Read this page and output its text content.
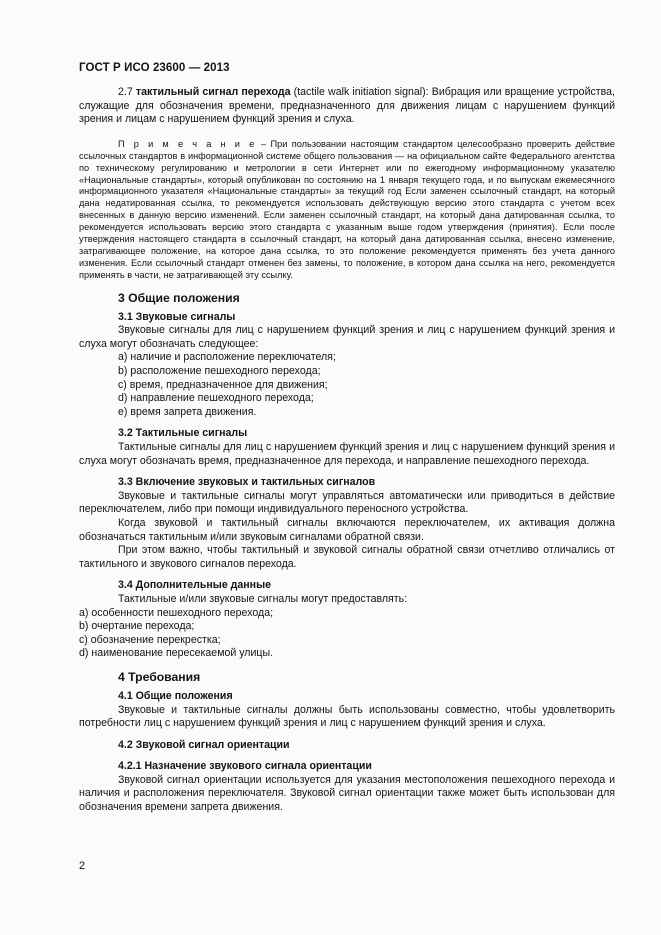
ГОСТ Р ИСО 23600 — 2013

2.7 тактильный сигнал перехода (tactile walk initiation signal): Вибрация или вращение устройства, служащие для обозначения времени, предназначенного для движения лицам с нарушением функций зрения и лицам с нарушением функций зрения и слуха.

П р и м е ч а н и е – При пользовании настоящим стандартом целесообразно проверить действие ссылочных стандартов в информационной системе общего пользования — на официальном сайте Федерального агентства по техническому регулированию и метрологии в сети Интернет или по ежегодному информационному указателю «Национальные стандарты», который опубликован по состоянию на 1 января текущего года, и по выпускам ежемесячного информационного указателя «Национальные стандарты» за текущий год Если заменен ссылочный стандарт, на который дана недатированная ссылка, то рекомендуется использовать действующую версию этого стандарта с учетом всех внесенных в данную версию изменений. Если заменен ссылочный стандарт, на который дана датированная ссылка, то рекомендуется использовать версию этого стандарта с указанным выше годом утверждения (принятия). Если после утверждения настоящего стандарта в ссылочный стандарт, на который дана датированная ссылка, внесено изменение, затрагивающее положение, на которое дана ссылка, то это положение рекомендуется применять без учета данного изменения. Если ссылочный стандарт отменен без замены, то положение, в котором дана ссылка на него, рекомендуется применять в части, не затрагивающей эту ссылку.

3 Общие положения
3.1 Звуковые сигналы

Звуковые сигналы для лиц с нарушением функций зрения и лиц с нарушением функций зрения и слуха могут обозначать следующее:

а) наличие и расположение переключателя;
b) расположение пешеходного перехода;
c) время, предназначенное для движения;
d) направление пешеходного перехода;
e) время запрета движения.
3.2 Тактильные сигналы

Тактильные сигналы для лиц с нарушением функций зрения и лиц с нарушением функций зрения и слуха могут обозначать время, предназначенное для перехода, и направление пешеходного перехода.

3.3 Включение звуковых и тактильных сигналов

Звуковые и тактильные сигналы могут управляться автоматически или приводиться в действие переключателем, либо при помощи индивидуального переносного устройства.

Когда звуковой и тактильный сигналы включаются переключателем, их активация должна обозначаться тактильным и/или звуковым сигналами обратной связи.

При этом важно, чтобы тактильный и звуковой сигналы обратной связи отчетливо отличались от тактильного и звукового сигналов перехода.

3.4 Дополнительные данные

Тактильные и/или звуковые сигналы могут предоставлять:

а) особенности пешеходного перехода;
b) очертание перехода;
c) обозначение перекрестка;
d) наименование пересекаемой улицы.
4 Требования
4.1 Общие положения

Звуковые и тактильные сигналы должны быть использованы совместно, чтобы удовлетворить потребности лиц с нарушением функций зрения и лиц с нарушением функций зрения и слуха.

4.2 Звуковой сигнал ориентации
4.2.1 Назначение звукового сигнала ориентации

Звуковой сигнал ориентации используется для указания местоположения пешеходного перехода и наличия и расположения переключателя. Звуковой сигнал ориентации также может быть использован для обозначения времени запрета движения.

2
